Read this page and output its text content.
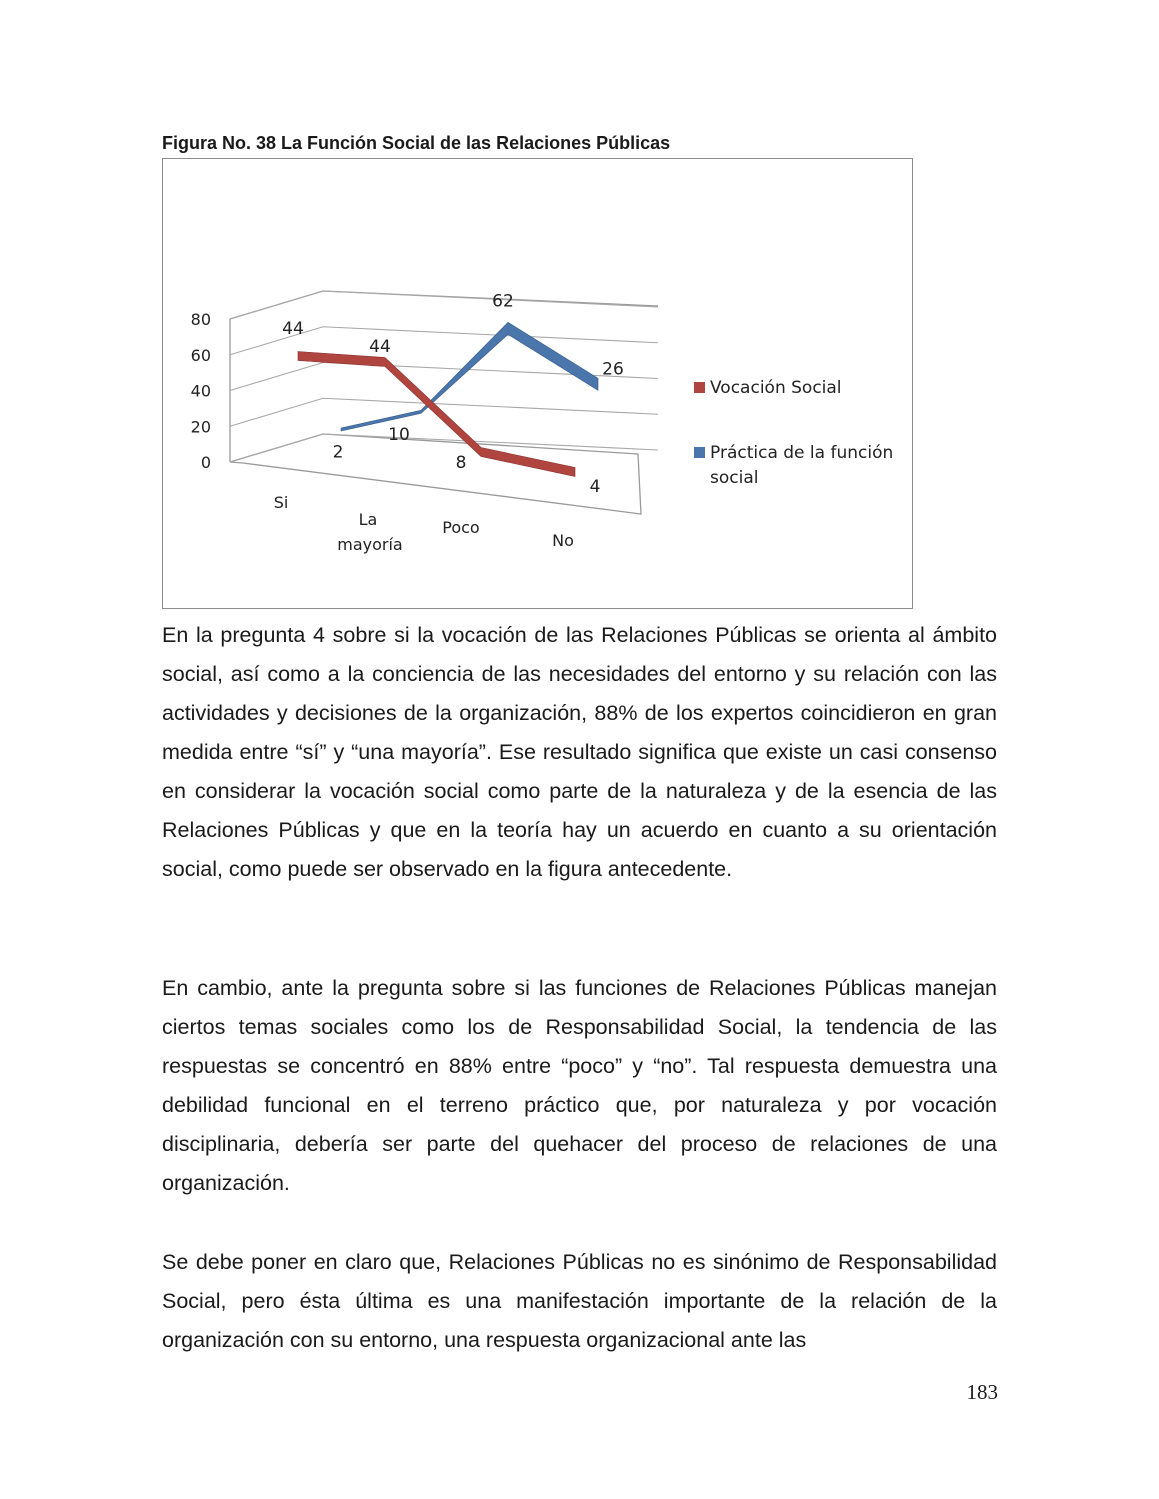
Figura No. 38 La Función Social de las Relaciones Públicas
0
20
40
60
80
Si
La
mayoría
Poco
No
2
10
62
26
44
44
8
4
Vocación Social
Práctica de la función
social

En la pregunta 4 sobre si la vocación de las Relaciones Públicas se orienta al ámbito social, así como a la conciencia de las necesidades del entorno y su relación con las actividades y decisiones de la organización, 88% de los expertos coincidieron en gran medida entre “sí” y “una mayoría”. Ese resultado significa que existe un casi consenso en considerar la vocación social como parte de la naturaleza y de la esencia de las Relaciones Públicas y que en la teoría hay un acuerdo en cuanto a su orientación social, como puede ser observado en la figura antecedente.

En cambio, ante la pregunta sobre si las funciones de Relaciones Públicas manejan ciertos temas sociales como los de Responsabilidad Social, la tendencia de las respuestas se concentró en 88% entre “poco” y “no”. Tal respuesta demuestra una debilidad funcional en el terreno práctico que, por naturaleza y por vocación disciplinaria, debería ser parte del quehacer del proceso de relaciones de una organización.

Se debe poner en claro que, Relaciones Públicas no es sinónimo de Responsabilidad Social, pero ésta última es una manifestación importante de la relación de la organización con su entorno, una respuesta organizacional ante las

183
